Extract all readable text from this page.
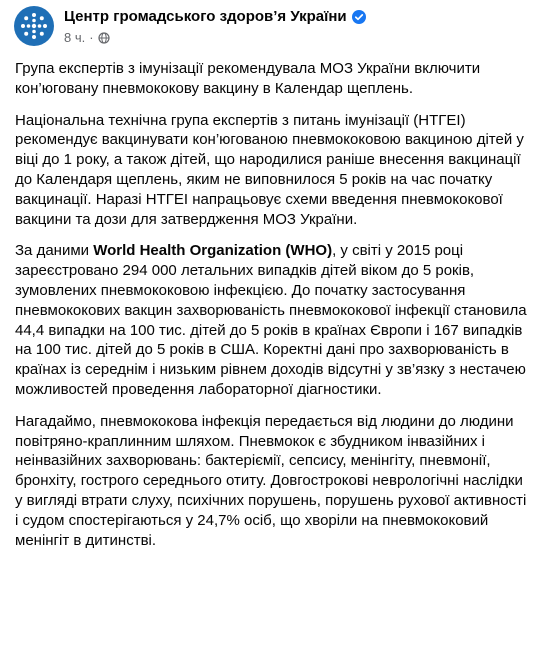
Центр громадського здоров’я України
8 ч. ·

Група експертів з імунізації рекомендувала МОЗ України включити кон’юговану пневмококову вакцину в Календар щеплень.

Національна технічна група експертів з питань імунізації (НТГЕІ) рекомендує вакцинувати кон’югованою пневмококовою вакциною дітей у віці до 1 року, а також дітей, що народилися раніше внесення вакцинації до Календаря щеплень, яким не виповнилося 5 років на час початку вакцинації. Наразі НТГЕІ напрацьовує схеми введення пневмококової вакцини та дози для затвердження МОЗ України.

За даними World Health Organization (WHO), у світі у 2015 році зареєстровано 294 000 летальних випадків дітей віком до 5 років, зумовлених пневмококовою інфекцією. До початку застосування пневмококових вакцин захворюваність пневмококової інфекції становила 44,4 випадки на 100 тис. дітей до 5 років в країнах Європи і 167 випадків на 100 тис. дітей до 5 років в США. Коректні дані про захворюваність в країнах із середнім і низьким рівнем доходів відсутні у зв’язку з нестачею можливостей проведення лабораторної діагностики.

Нагадаймо, пневмококова інфекція передається від людини до людини повітряно-краплинним шляхом. Пневмокок є збудником інвазійних і неінвазійних захворювань: бактеріємії, сепсису, менінгіту, пневмонії, бронхіту, гострого середнього отиту. Довгострокові неврологічні наслідки у вигляді втрати слуху, психічних порушень, порушень рухової активності і судом спостерігаються у 24,7% осіб, що хворіли на пневмококовий менінгіт в дитинстві.
